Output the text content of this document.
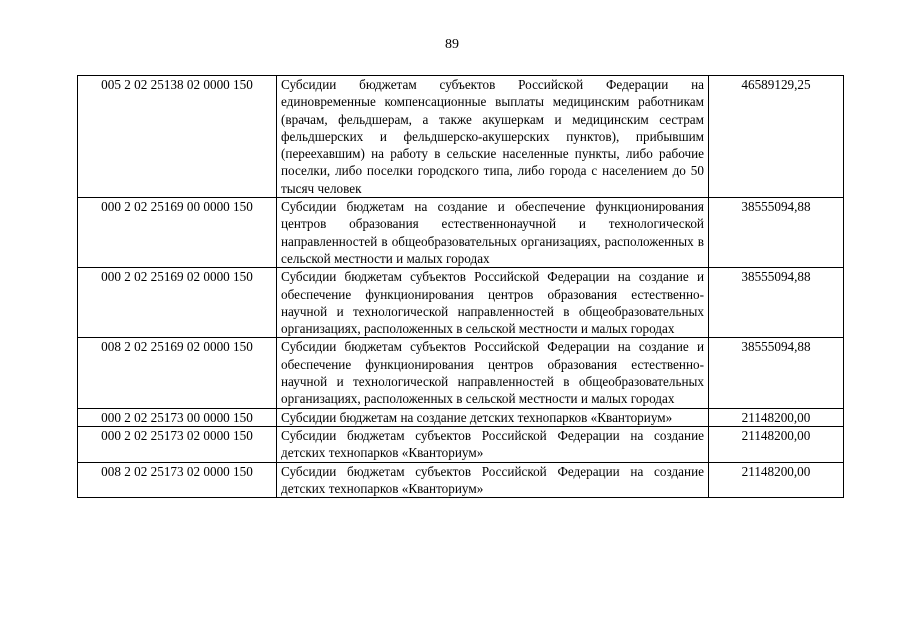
89
005 2 02 25138 02 0000 150	Субсидии бюджетам субъектов Российской Федерации на единовременные компенсационные выплаты медицинским работникам (врачам, фельдшерам, а также акушеркам и медицинским сестрам фельдшерских и фельдшерско-акушерских пунктов), прибывшим (переехавшим) на работу в сельские населенные пункты, либо рабочие поселки, либо поселки городского типа, либо города с населением до 50 тысяч человек	46589129,25
000 2 02 25169 00 0000 150	Субсидии бюджетам на создание и обеспечение функционирования центров образования естественнонаучной и технологической направленностей в общеобразовательных организациях, расположенных в сельской местности и малых городах	38555094,88
000 2 02 25169 02 0000 150	Субсидии бюджетам субъектов Российской Федерации на создание и обеспечение функционирования центров образования естественно-научной и технологической направленностей в общеобразовательных организациях, расположенных в сельской местности и малых городах	38555094,88
008 2 02 25169 02 0000 150	Субсидии бюджетам субъектов Российской Федерации на создание и обеспечение функционирования центров образования естественно-научной и технологической направленностей в общеобразовательных организациях, расположенных в сельской местности и малых городах	38555094,88
000 2 02 25173 00 0000 150	Субсидии бюджетам на создание детских технопарков «Кванториум»	21148200,00
000 2 02 25173 02 0000 150	Субсидии бюджетам субъектов Российской Федерации на создание детских технопарков «Кванториум»	21148200,00
008 2 02 25173 02 0000 150	Субсидии бюджетам субъектов Российской Федерации на создание детских технопарков «Кванториум»	21148200,00
